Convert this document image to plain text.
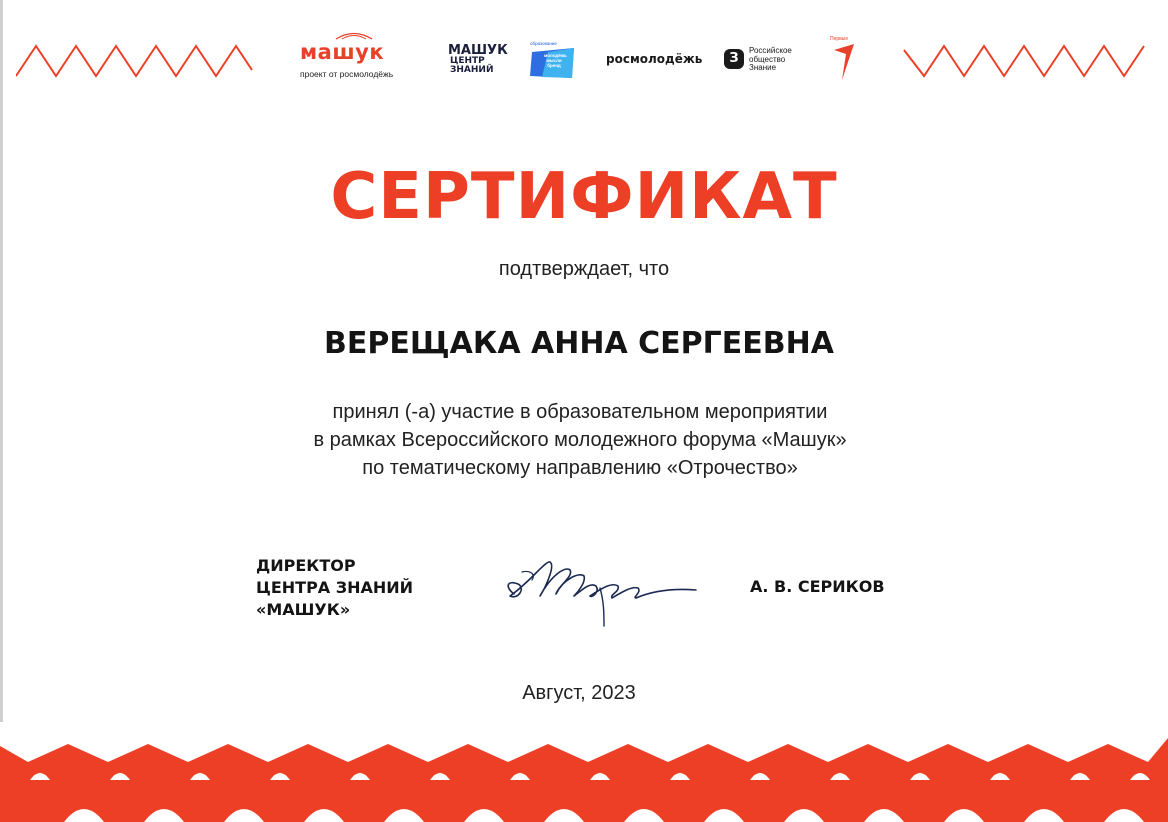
машук
проект от росмолодёжь
МАШУК
ЦЕНТР
ЗНАНИЙ
образование
молодёжь мысли бренд	росмолодёжь	З
Российское
общество
Знание
Первые
СЕРТИФИКАТ
подтверждает, что
ВЕРЕЩАКА АННА СЕРГЕЕВНА
принял (-а) участие в образовательном мероприятии
в рамках Всероссийского молодежного форума «Машук»
по тематическому направлению «Отрочество»
ДИРЕКТОР
ЦЕНТРА ЗНАНИЙ
«МАШУК»
А. В. СЕРИКОВ
Август, 2023
